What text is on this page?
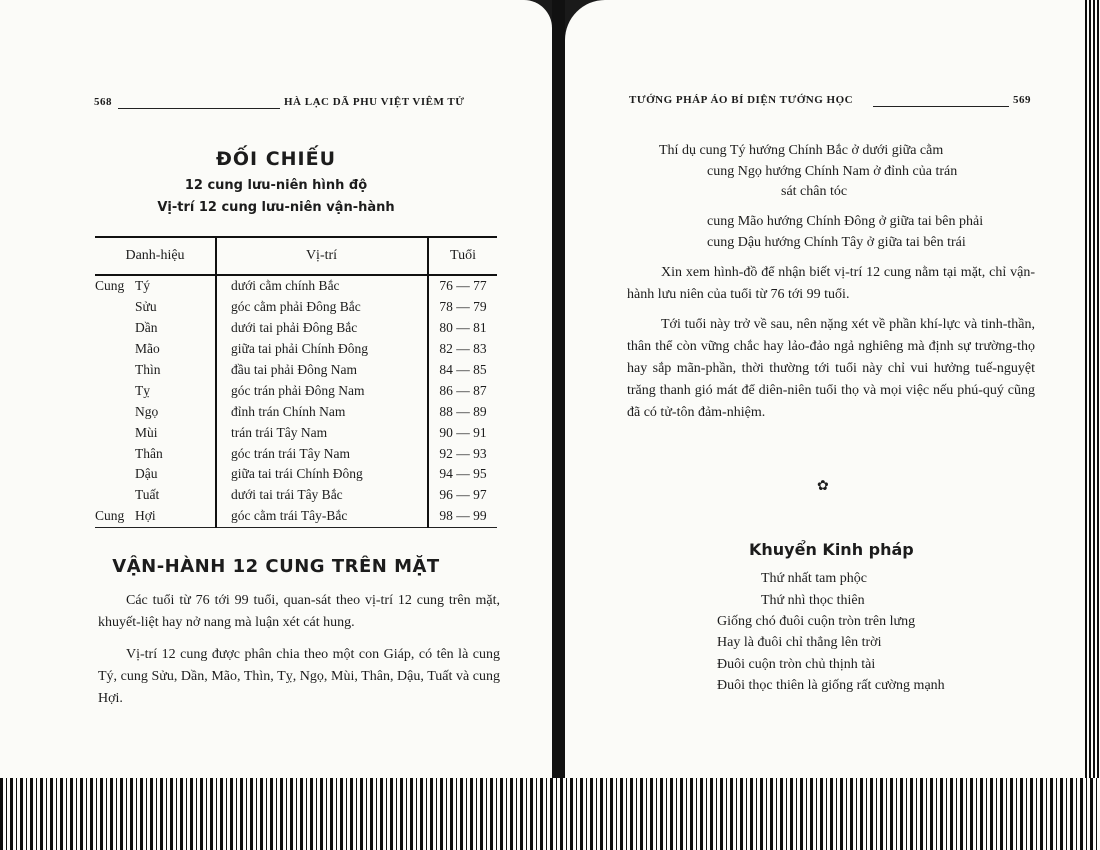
568	HÀ LẠC DÃ PHU VIỆT VIÊM TỬ
ĐỐI CHIẾU
12 cung lưu-niên hình độ
Vị-trí 12 cung lưu-niên vận-hành
Danh-hiệu	Vị-trí	Tuổi
Cung Tý	dưới cằm chính Bắc	76 — 77
Sửu	góc cằm phải Đông Bắc	78 — 79
Dần	dưới tai phải Đông Bắc	80 — 81
Mão	giữa tai phải Chính Đông	82 — 83
Thìn	đầu tai phải Đông Nam	84 — 85
Tỵ	góc trán phải Đông Nam	86 — 87
Ngọ	đỉnh trán Chính Nam	88 — 89
Mùi	trán trái Tây Nam	90 — 91
Thân	góc trán trái Tây Nam	92 — 93
Dậu	giữa tai trái Chính Đông	94 — 95
Tuất	dưới tai trái Tây Bắc	96 — 97
Cung Hợi	góc cằm trái Tây-Bắc	98 — 99
VẬN-HÀNH 12 CUNG TRÊN MẶT
Các tuổi từ 76 tới 99 tuổi, quan-sát theo vị-trí 12 cung trên mặt, khuyết-liệt hay nở nang mà luận xét cát hung.
Vị-trí 12 cung được phân chia theo một con Giáp, có tên là cung Tý, cung Sửu, Dần, Mão, Thìn, Tỵ, Ngọ, Mùi, Thân, Dậu, Tuất và cung Hợi.
TƯỚNG PHÁP ÁO BÍ DIỆN TƯỚNG HỌC	569
Thí dụ cung Tý hướng Chính Bắc ở dưới giữa cằm
cung Ngọ hướng Chính Nam ở đỉnh của trán
sát chân tóc
cung Mão hướng Chính Đông ở giữa tai bên phải
cung Dậu hướng Chính Tây ở giữa tai bên trái
Xin xem hình-đồ để nhận biết vị-trí 12 cung nằm tại mặt, chỉ vận-hành lưu niên của tuổi từ 76 tới 99 tuổi.
Tới tuổi này trở về sau, nên nặng xét về phần khí-lực và tinh-thần, thân thể còn vững chắc hay lảo-đảo ngả nghiêng mà định sự trường-thọ hay sắp mãn-phần, thời thường tới tuổi này chỉ vui hưởng tuế-nguyệt trăng thanh gió mát để diên-niên tuổi thọ và mọi việc nếu phú-quý cũng đã có tử-tôn đảm-nhiệm.
✿
Khuyển Kinh pháp
Thứ nhất tam phộc
Thứ nhì thọc thiên
Giống chó đuôi cuộn tròn trên lưng
Hay là đuôi chỉ thẳng lên trời
Đuôi cuộn tròn chủ thịnh tài
Đuôi thọc thiên là giống rất cường mạnh
